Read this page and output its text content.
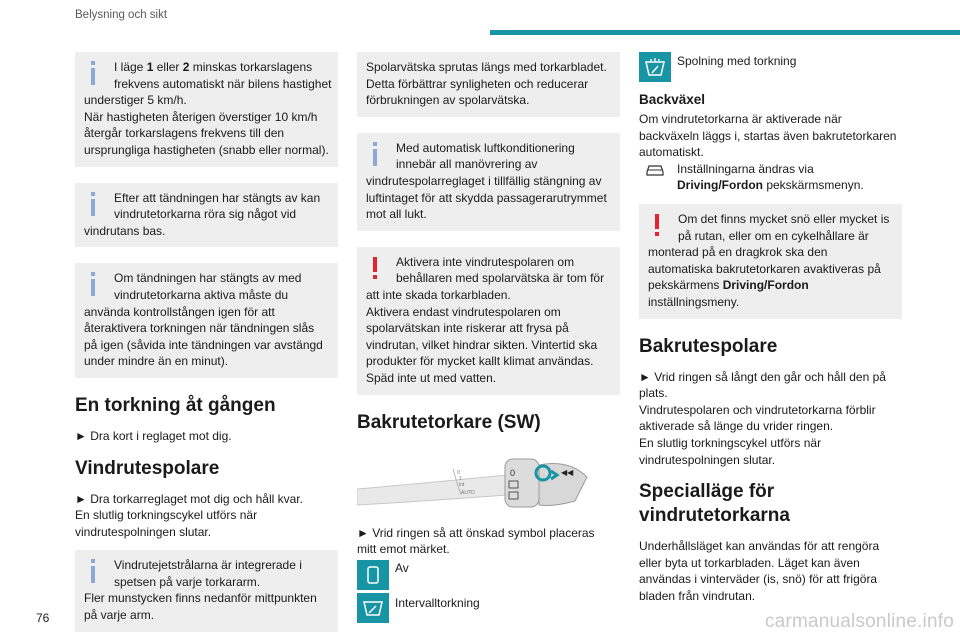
Belysning och sikt
I läge 1 eller 2 minskas torkarslagens
frekvens automatiskt när bilens hastighet
understiger 5 km/h.
När hastigheten återigen överstiger 10 km/h
återgår torkarslagens frekvens till den
ursprungliga hastigheten (snabb eller normal).
Efter att tändningen har stängts av kan
vindrutetorkarna röra sig något vid
vindrutans bas.
Om tändningen har stängts av med
vindrutetorkarna aktiva måste du
använda kontrollstången igen för att
återaktivera torkningen när tändningen slås
på igen (såvida inte tändningen var avstängd
under mindre än en minut).
En torkning åt gången
► Dra kort i reglaget mot dig.
Vindrutespolare
► Dra torkarreglaget mot dig och håll kvar.
En slutlig torkningscykel utförs när
vindrutespolningen slutar.
Vindrutejetstrålarna är integrerade i
spetsen på varje torkararm.
Fler munstycken finns nedanför mittpunkten
på varje arm.
Spolarvätska sprutas längs med torkarbladet.
Detta förbättrar synligheten och reducerar
förbrukningen av spolarvätska.
Med automatisk luftkonditionering
innebär all manövrering av
vindrutespolarreglaget i tillfällig stängning av
luftintaget för att skydda passagerarutrymmet
mot all lukt.
Aktivera inte vindrutespolaren om
behållaren med spolarvätska är tom för
att inte skada torkarbladen.
Aktivera endast vindrutespolaren om
spolarvätskan inte riskerar att frysa på
vindrutan, vilket hindrar sikten. Vintertid ska
produkter för mycket kallt klimat användas.
Späd inte ut med vatten.
Bakrutetorkare (SW)
0
1
int
AUTO
0	◀◀
► Vrid ringen så att önskad symbol placeras
mitt emot märket.
Av
Intervalltorkning
Spolning med torkning
Backväxel
Om vindrutetorkarna är aktiverade när
backväxeln läggs i, startas även bakrutetorkaren
automatiskt.
Inställningarna ändras via Driving/Fordon pekskärmsmenyn.
Om det finns mycket snö eller mycket is
på rutan, eller om en cykelhållare är
monterad på en dragkrok ska den
automatiska bakrutetorkaren avaktiveras på
pekskärmens Driving/Fordon
inställningsmeny.
Bakrutespolare
► Vrid ringen så långt den går och håll den på
plats.
Vindrutespolaren och vindrutetorkarna förblir
aktiverade så länge du vrider ringen.
En slutlig torkningscykel utförs när
vindrutespolningen slutar.
Specialläge för
vindrutetorkarna
Underhållsläget kan användas för att rengöra
eller byta ut torkarbladen. Läget kan även
användas i vinterväder (is, snö) för att frigöra
bladen från vindrutan.
76	carmanualsonline.info
